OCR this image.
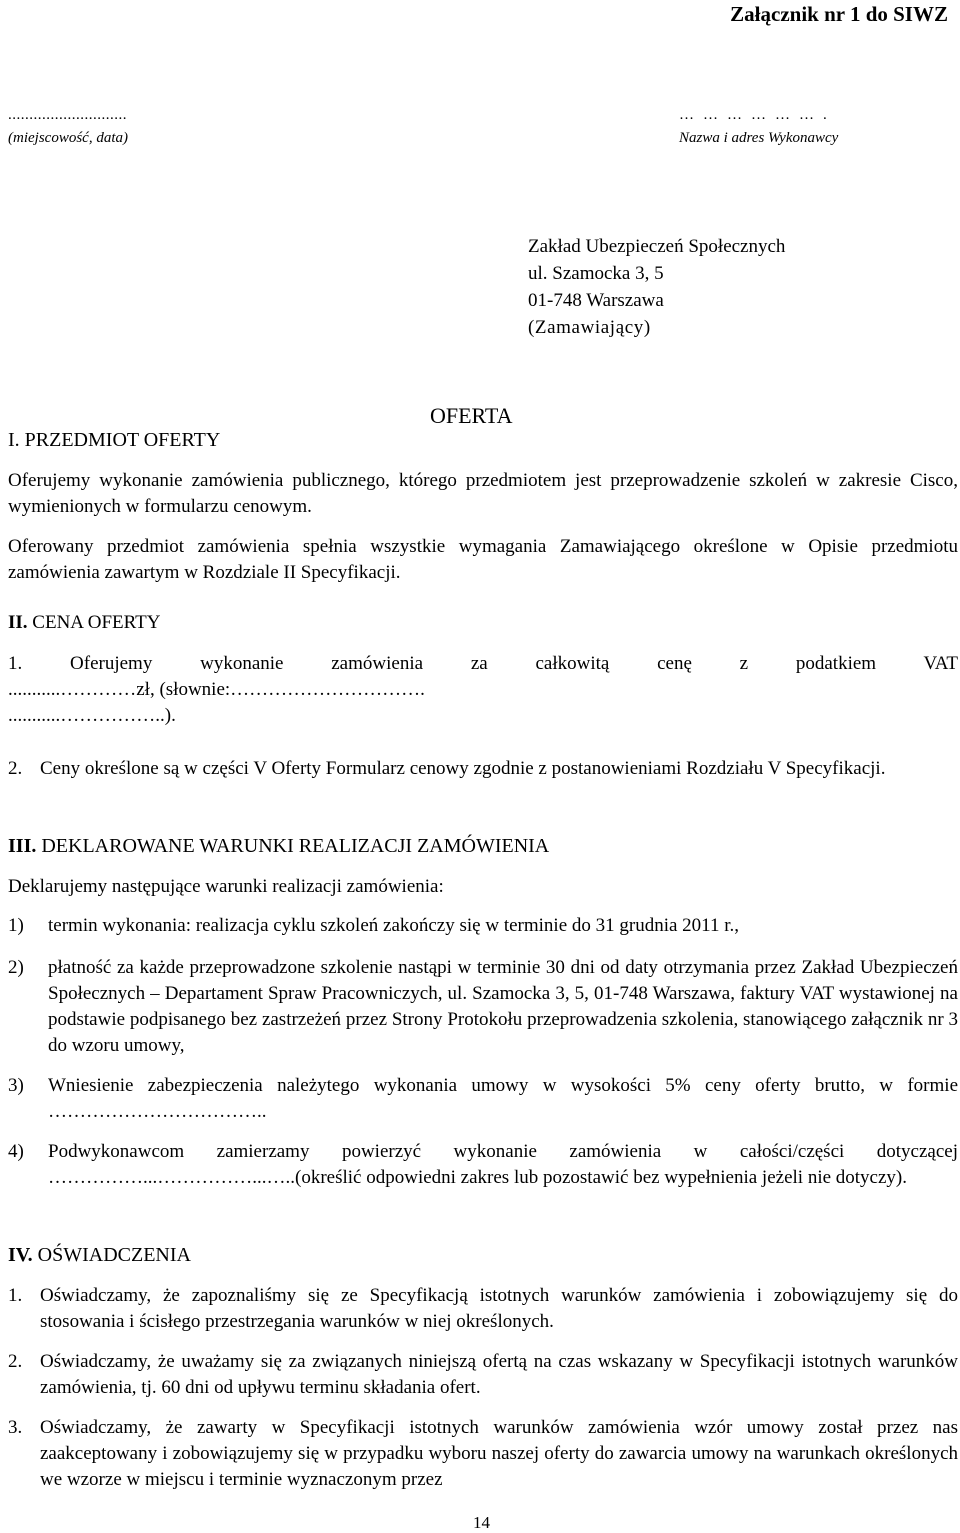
Załącznik nr 1 do SIWZ
............................
(miejscowość, data)
……………….
Nazwa i adres Wykonawcy
Zakład Ubezpieczeń Społecznych
ul. Szamocka 3, 5
01-748 Warszawa
(Zamawiający)
OFERTA
I. PRZEDMIOT OFERTY
Oferujemy wykonanie zamówienia publicznego, którego przedmiotem jest przeprowadzenie szkoleń w zakresie Cisco, wymienionych w formularzu cenowym.
Oferowany przedmiot zamówienia spełnia wszystkie wymagania Zamawiającego określone w Opisie przedmiotu zamówienia zawartym w Rozdziale II Specyfikacji.
II. CENA OFERTY
1.	Oferujemy wykonanie zamówienia za całkowitą cenę z podatkiem VAT
...........…………zł, (słownie:………………………….
...........……………..).
2. Ceny określone są w części V Oferty Formularz cenowy zgodnie z postanowieniami Rozdziału V Specyfikacji.
III. DEKLAROWANE WARUNKI REALIZACJI ZAMÓWIENIA
Deklarujemy następujące warunki realizacji zamówienia:
1) termin wykonania: realizacja cyklu szkoleń zakończy się w terminie do 31 grudnia 2011 r.,
2) płatność za każde przeprowadzone szkolenie nastąpi w terminie 30 dni od daty otrzymania przez Zakład Ubezpieczeń Społecznych – Departament Spraw Pracowniczych, ul. Szamocka 3, 5, 01-748 Warszawa, faktury VAT wystawionej na podstawie podpisanego bez zastrzeżeń przez Strony Protokołu przeprowadzenia szkolenia, stanowiącego załącznik nr 3 do wzoru umowy,
3) Wniesienie zabezpieczenia należytego wykonania umowy w wysokości 5% ceny oferty brutto, w formie ……………………………..
4) Podwykonawcom zamierzamy powierzyć wykonanie zamówienia w całości/części dotyczącej ……………...……………...…..(określić odpowiedni zakres lub pozostawić bez wypełnienia jeżeli nie dotyczy).
IV. OŚWIADCZENIA
1. Oświadczamy, że zapoznaliśmy się ze Specyfikacją istotnych warunków zamówienia i zobowiązujemy się do stosowania i ścisłego przestrzegania warunków w niej określonych.
2. Oświadczamy, że uważamy się za związanych niniejszą ofertą na czas wskazany w Specyfikacji istotnych warunków zamówienia, tj. 60 dni od upływu terminu składania ofert.
3. Oświadczamy, że zawarty w Specyfikacji istotnych warunków zamówienia wzór umowy został przez nas zaakceptowany i zobowiązujemy się w przypadku wyboru naszej oferty do zawarcia umowy na warunkach określonych we wzorze w miejscu i terminie wyznaczonym przez
14
